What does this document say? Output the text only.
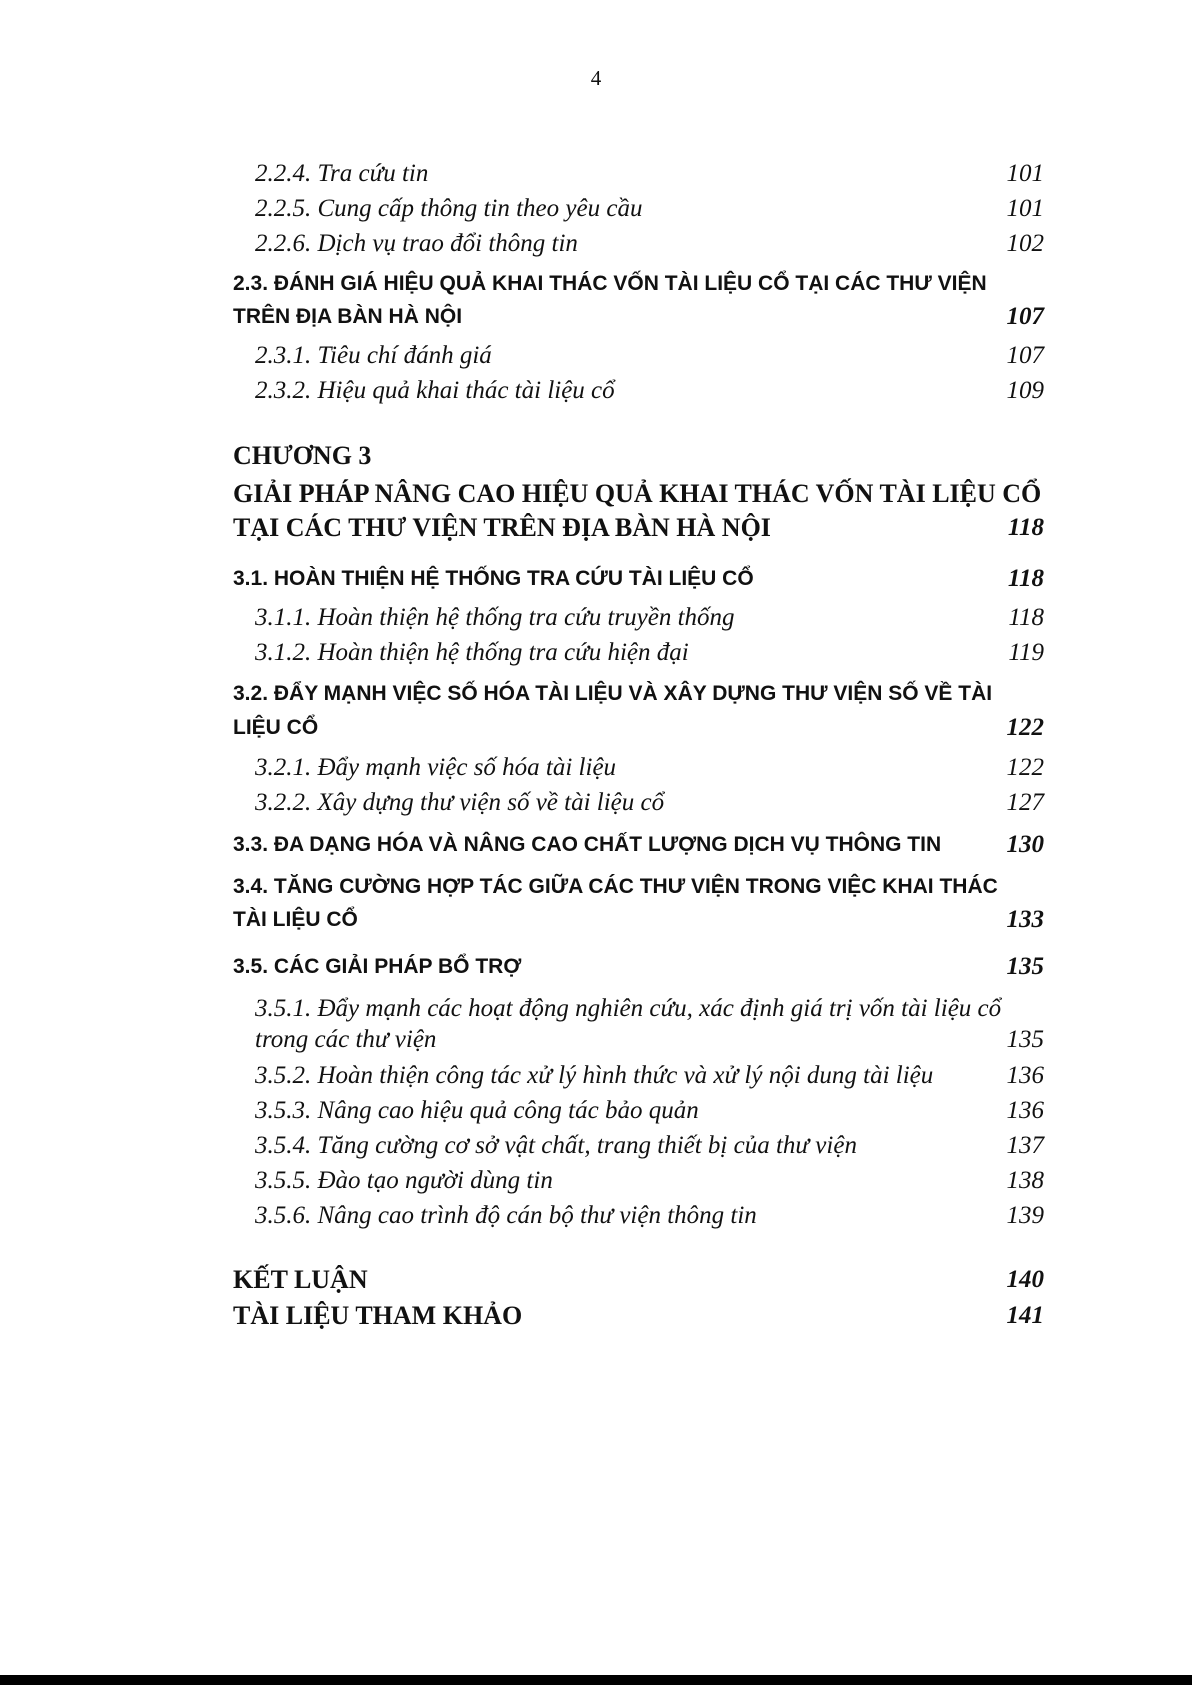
4
2.2.4. Tra cứu tin	101
2.2.5. Cung cấp thông tin theo yêu cầu	101
2.2.6. Dịch vụ trao đổi thông tin	102
2.3. ĐÁNH GIÁ HIỆU QUẢ KHAI THÁC VỐN TÀI LIỆU CỔ TẠI CÁC THƯ VIỆN
TRÊN ĐỊA BÀN HÀ NỘI	107
2.3.1. Tiêu chí đánh giá	107
2.3.2. Hiệu quả khai thác tài liệu cổ	109
CHƯƠNG 3
GIẢI PHÁP NÂNG CAO HIỆU QUẢ KHAI THÁC VỐN TÀI LIỆU CỔ
TẠI CÁC THƯ VIỆN TRÊN ĐỊA BÀN HÀ NỘI	118
3.1. HOÀN THIỆN HỆ THỐNG TRA CỨU TÀI LIỆU CỔ	118
3.1.1. Hoàn thiện hệ thống tra cứu truyền thống	118
3.1.2. Hoàn thiện hệ thống tra cứu hiện đại	119
3.2. ĐẨY MẠNH VIỆC SỐ HÓA TÀI LIỆU VÀ XÂY DỰNG THƯ VIỆN SỐ VỀ TÀI
LIỆU CỔ	122
3.2.1. Đẩy mạnh việc số hóa tài liệu	122
3.2.2. Xây dựng thư viện số về tài liệu cổ	127
3.3. ĐA DẠNG HÓA VÀ NÂNG CAO CHẤT LƯỢNG DỊCH VỤ THÔNG TIN	130
3.4. TĂNG CƯỜNG HỢP TÁC GIỮA CÁC THƯ VIỆN TRONG VIỆC KHAI THÁC
TÀI LIỆU CỔ	133
3.5. CÁC GIẢI PHÁP BỔ TRỢ	135
3.5.1. Đẩy mạnh các hoạt động nghiên cứu, xác định giá trị vốn tài liệu cổ
trong các thư viện	135
3.5.2. Hoàn thiện công tác xử lý hình thức và xử lý nội dung tài liệu	136
3.5.3. Nâng cao hiệu quả công tác bảo quản	136
3.5.4. Tăng cường cơ sở vật chất, trang thiết bị của thư viện	137
3.5.5. Đào tạo người dùng tin	138
3.5.6. Nâng cao trình độ cán bộ thư viện thông tin	139
KẾT LUẬN	140
TÀI LIỆU THAM KHẢO	141
